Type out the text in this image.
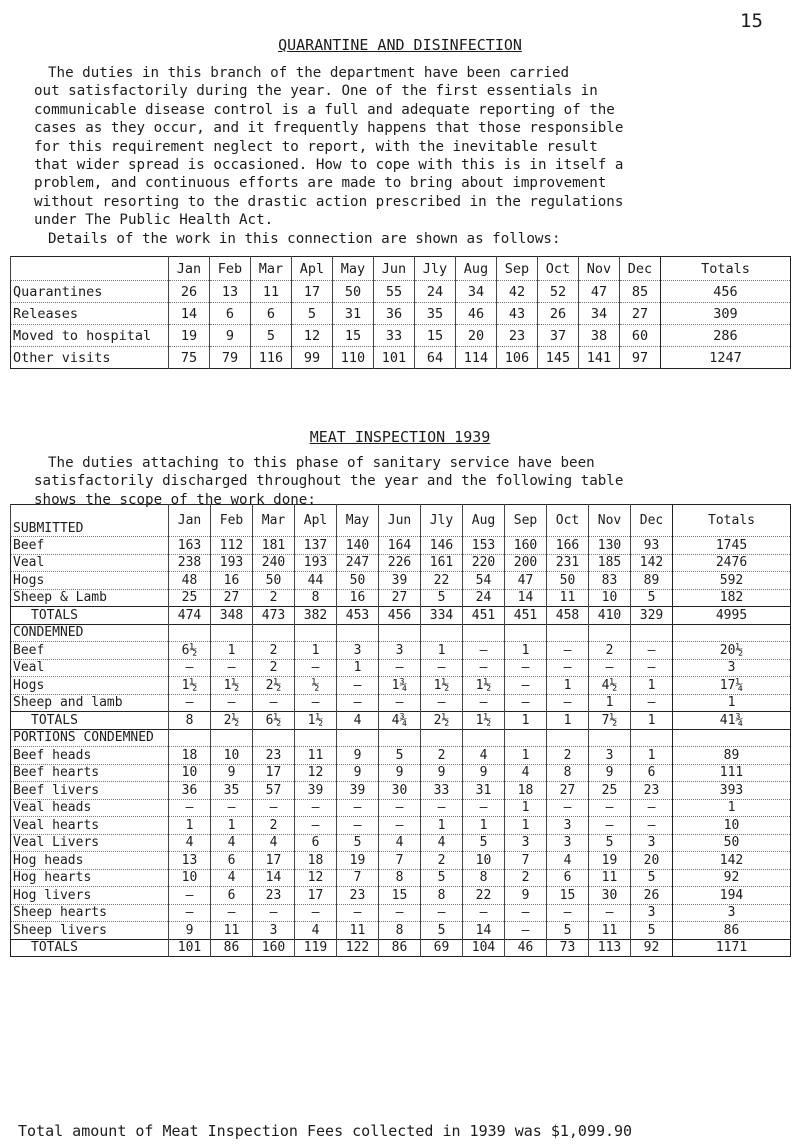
15
QUARANTINE AND DISINFECTION
The duties in this branch of the department have been carried
out satisfactorily during the year. One of the first essentials in
communicable disease control is a full and adequate reporting of the
cases as they occur, and it frequently happens that those responsible
for this requirement neglect to report, with the inevitable result
that wider spread is occasioned. How to cope with this is in itself a
problem, and continuous efforts are made to bring about improvement
without resorting to the drastic action prescribed in the regulations
under The Public Health Act.
Details of the work in this connection are shown as follows:
	Jan	Feb	Mar	Apl	May	Jun	Jly	Aug	Sep	Oct	Nov	Dec	Totals
Quarantines	26	13	11	17	50	55	24	34	42	52	47	85	456
Releases	14	6	6	5	31	36	35	46	43	26	34	27	309
Moved to hospital	19	9	5	12	15	33	15	20	23	37	38	60	286
Other visits	75	79	116	99	110	101	64	114	106	145	141	97	1247
MEAT INSPECTION 1939
The duties attaching to this phase of sanitary service have been
satisfactorily discharged throughout the year and the following table
shows the scope of the work done:
SUBMITTED	Jan	Feb	Mar	Apl	May	Jun	Jly	Aug	Sep	Oct	Nov	Dec	Totals
Beef	163	112	181	137	140	164	146	153	160	166	130	93	1745
Veal	238	193	240	193	247	226	161	220	200	231	185	142	2476
Hogs	48	16	50	44	50	39	22	54	47	50	83	89	592
Sheep & Lamb	25	27	2	8	16	27	5	24	14	11	10	5	182
TOTALS	474	348	473	382	453	456	334	451	451	458	410	329	4995
CONDEMNED													
Beef	6½	1	2	1	3	3	1	–	1	–	2	–	20½
Veal	–	–	2	–	1	–	–	–	–	–	–	–	3
Hogs	1½	1½	2½	½	–	1¾	1½	1½	–	1	4½	1	17¼
Sheep and lamb	–	–	–	–	–	–	–	–	–	–	1	–	1
TOTALS	8	2½	6½	1½	4	4¾	2½	1½	1	1	7½	1	41¾
PORTIONS CONDEMNED													
Beef heads	18	10	23	11	9	5	2	4	1	2	3	1	89
Beef hearts	10	9	17	12	9	9	9	9	4	8	9	6	111
Beef livers	36	35	57	39	39	30	33	31	18	27	25	23	393
Veal heads	–	–	–	–	–	–	–	–	1	–	–	–	1
Veal hearts	1	1	2	–	–	–	1	1	1	3	–	–	10
Veal Livers	4	4	4	6	5	4	4	5	3	3	5	3	50
Hog heads	13	6	17	18	19	7	2	10	7	4	19	20	142
Hog hearts	10	4	14	12	7	8	5	8	2	6	11	5	92
Hog livers	–	6	23	17	23	15	8	22	9	15	30	26	194
Sheep hearts	–	–	–	–	–	–	–	–	–	–	–	3	3
Sheep livers	9	11	3	4	11	8	5	14	–	5	11	5	86
TOTALS	101	86	160	119	122	86	69	104	46	73	113	92	1171
Total amount of Meat Inspection Fees collected in 1939 was $1,099.90
